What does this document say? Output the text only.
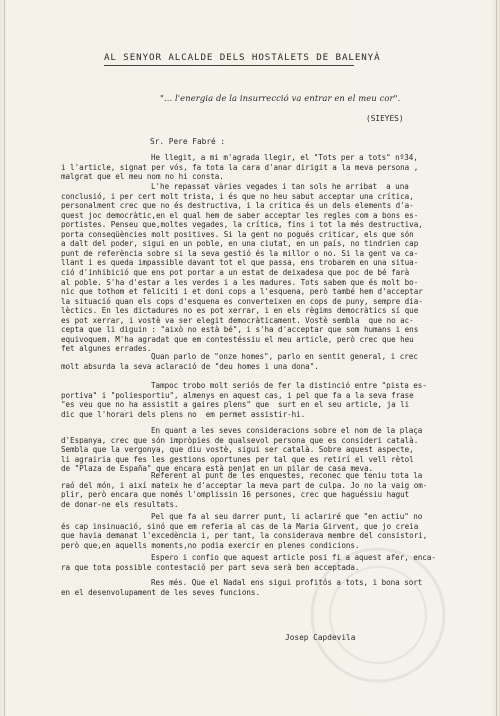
AL SENYOR ALCALDE DELS HOSTALETS DE BALENYÀ
"... l'energia de la insurrecció va entrar en el meu cor".
(SIEYES)
Sr. Pere Fabré :
He llegit, a mi m'agrada llegir, el "Tots per a tots" nº34,
i l'article, signat per vós, fa tota la cara d'anar dirigit a la meva persona ,
malgrat que el meu nom no hi consta.
L'he repassat vàries vegades i tan sols he arribat  a una
conclusió, i per cert molt trista, i és que no heu sabut acceptar una crítica,
personalment crec que no és destructiva, i la crítica és un dels elements d'a-
quest joc democràtic,en el qual hem de saber acceptar les regles com a bons es-
portistes. Penseu que,moltes vegades, la crítica, fins i tot la més destructiva,
porta conseqüències molt positives. Si la gent no pogués criticar, els que són
a dalt del poder, sigui en un poble, en una ciutat, en un país, no tindrien cap
punt de referència sobre si la seva gestió és la millor o no. Si la gent va ca-
llant i es queda impassible davant tot el que passa, ens trobarem en una situa-
ció d'inhibició que ens pot portar a un estat de deixadesa que poc de bé farà
al poble. S'ha d'estar a les verdes i a les madures. Tots sabem que és molt bo-
nic que tothom et feliciti i et doni cops a l'esquena, però també hem d'acceptar
la situació quan els cops d'esquena es converteixen en cops de puny, sempre dia-
lèctics. En les dictadures no es pot xerrar, i en els règims democràtics sí que
es pot xerrar, i vostè va ser elegit democràticament. Vostè sembla  que no ac-
cepta que li diguin : "això no està bé", i s'ha d'acceptar que som humans i ens
equivoquem. M'ha agradat que em contestéssiu el meu article, però crec que heu
fet algunes errades.
Quan parlo de "onze homes", parlo en sentit general, i crec
molt absurda la seva aclaració de "deu homes i una dona".
Tampoc trobo molt seriós de fer la distinció entre "pista es-
portiva" i "poliesportiu", almenys en aquest cas, i pel que fa a la seva frase
"es veu que no ha assistit a gaires plens" que  surt en el seu article, ja li
dic que l'horari dels plens no  em permet assistir-hi.
En quant a les seves consideracions sobre el nom de la plaça
d'Espanya, crec que són impròpies de qualsevol persona que es consideri català.
Sembla que la vergonya, que diu vostè, sigui ser català. Sobre aquest aspecte,
li agrairia que fes les gestions oportunes per tal que es retirí el vell rètol
de "Plaza de España" que encara està penjat en un pilar de casa meva.
Referent al punt de les enquestes, reconec que teniu tota la
raó del món, i així mateix he d'acceptar la meva part de culpa. Jo no la vaig om-
plir, però encara que només l'omplissin 16 persones, crec que haguéssiu hagut
de donar-ne els resultats.
Pel que fa al seu darrer punt, li aclariré que "en actiu" no
és cap insinuació, sinó que em referia al cas de la Maria Girvent, que jo creia
que havia demanat l'excedència i, per tant, la considerava membre del consistori,
però que,en aquells moments,no podia exercir en plenes condicions.
Espero i confio que aquest article posi fi a aquest afer, enca-
ra que tota possible contestació per part seva serà ben acceptada.
Res més. Que el Nadal ens sigui profitós a tots, i bona sort
en el desenvolupament de les seves funcions.
Josep Capdevila
